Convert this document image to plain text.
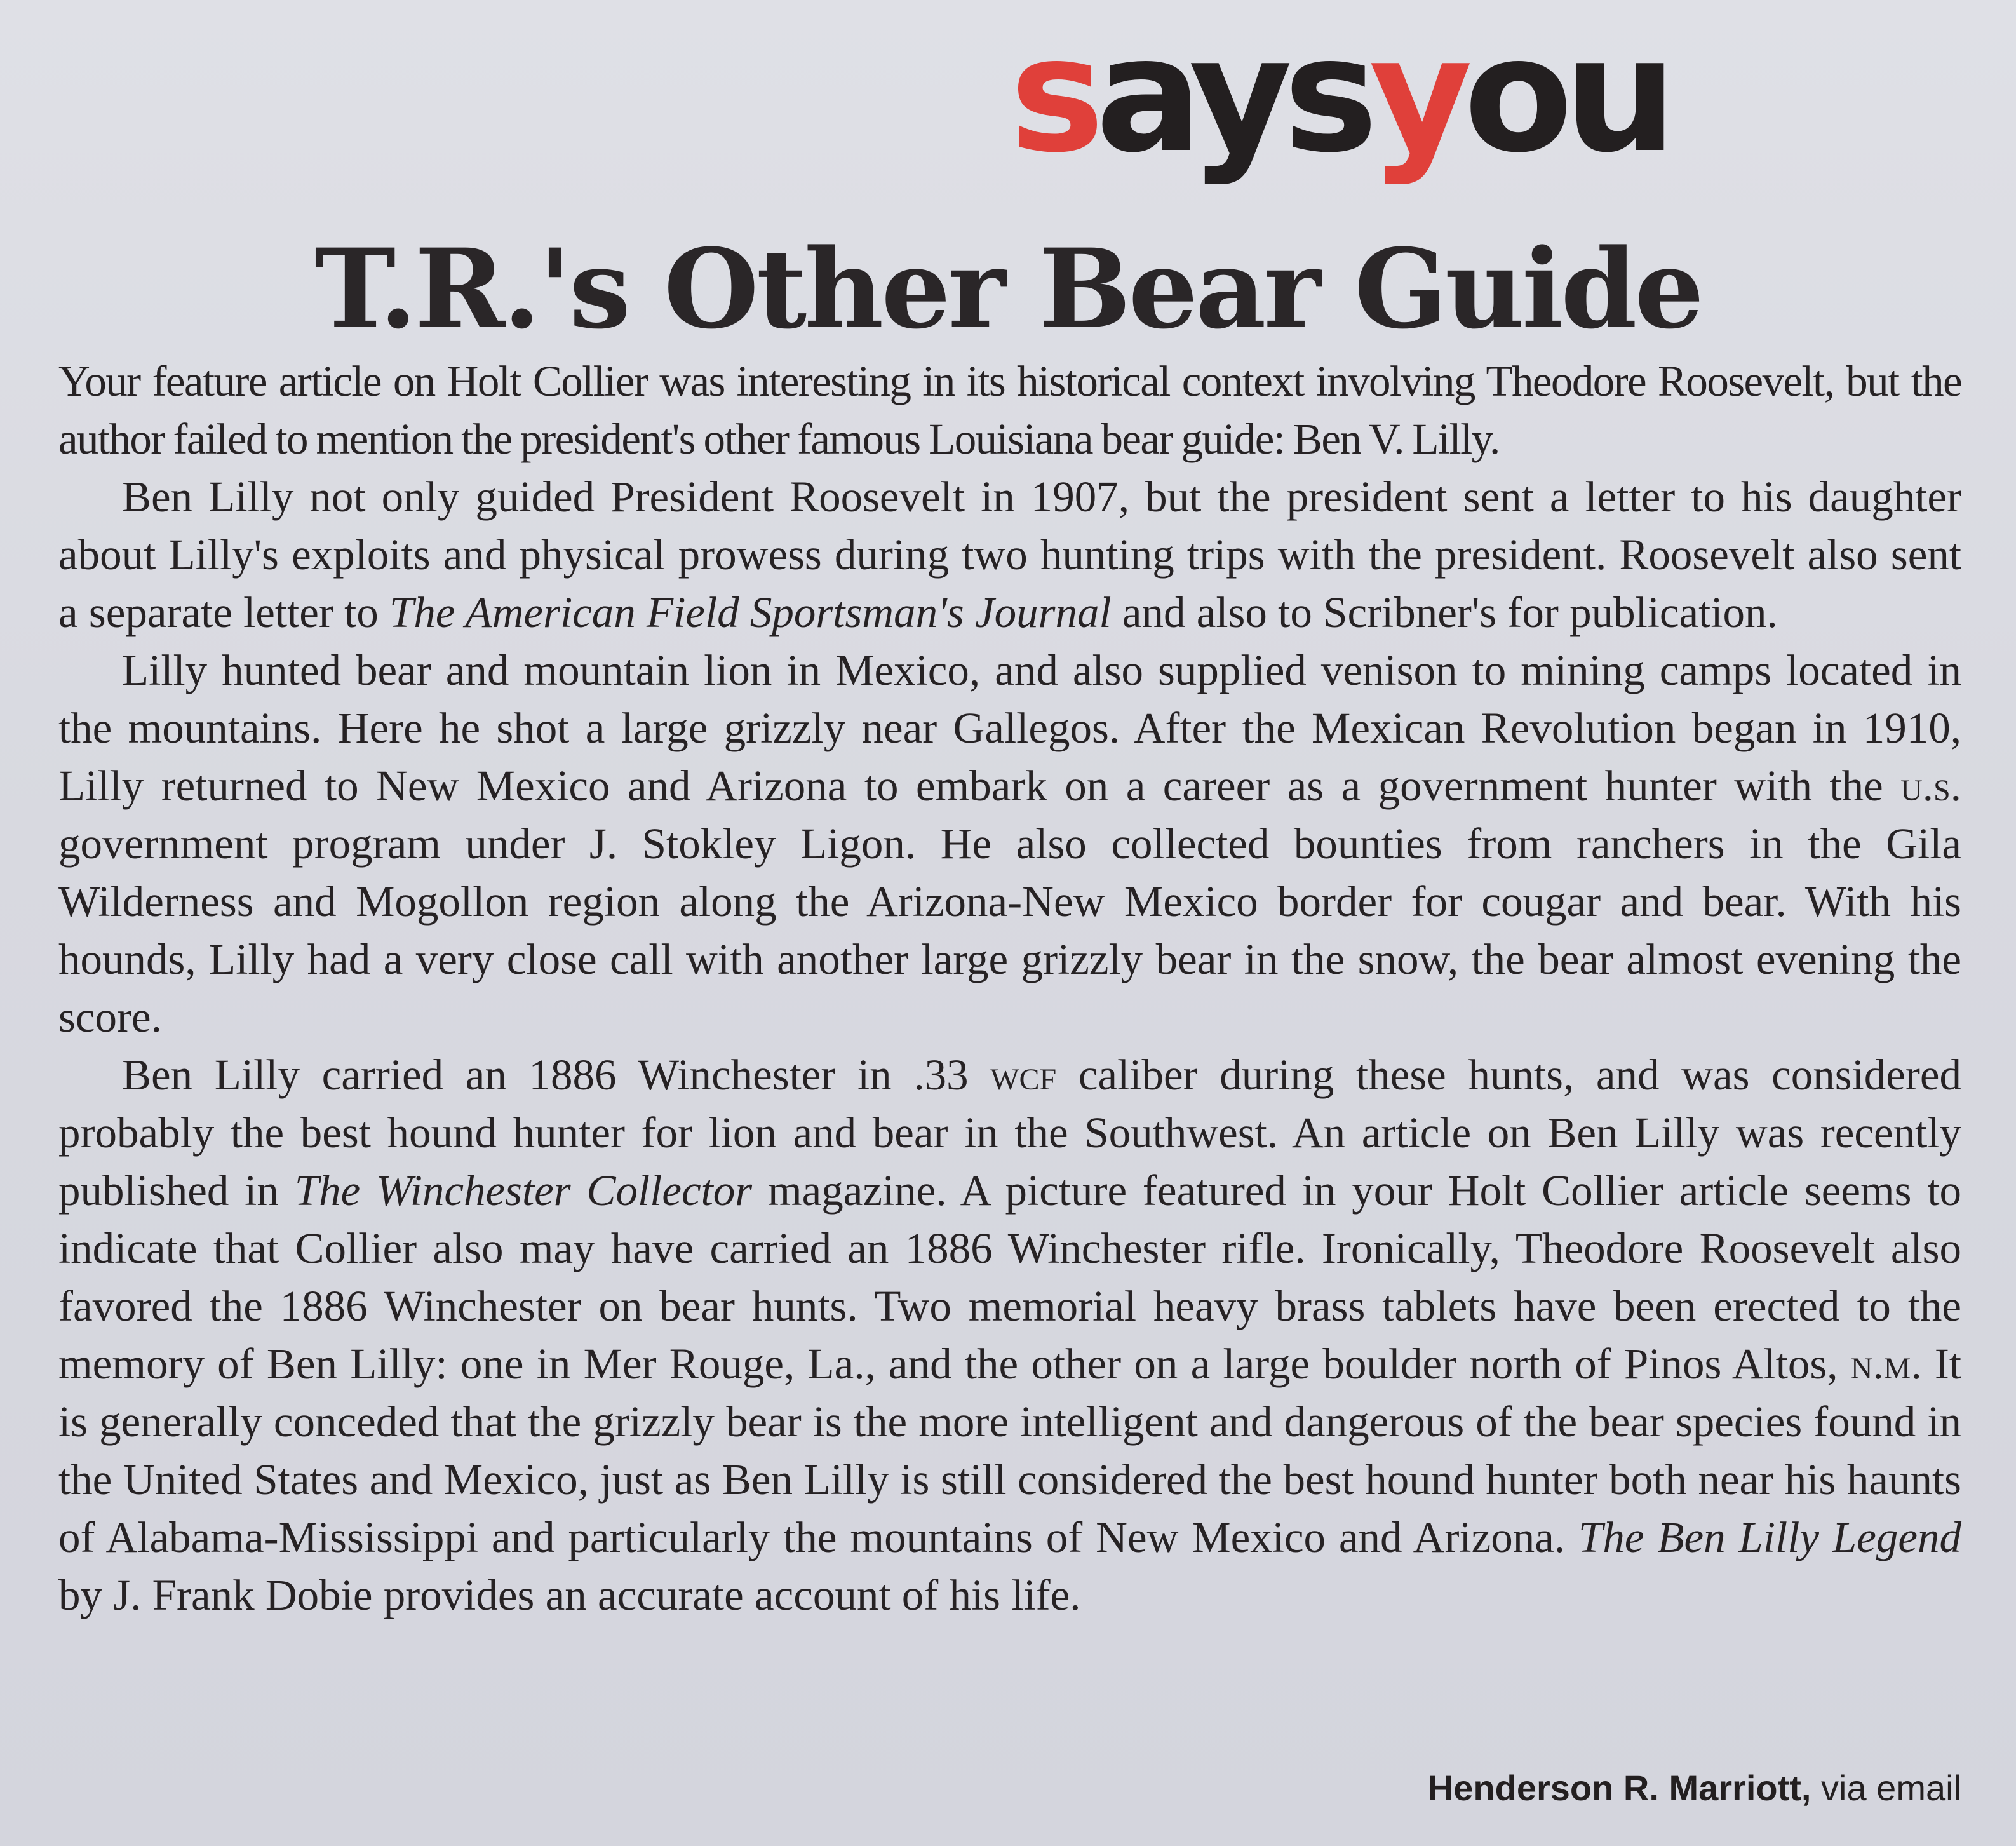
saysyou
T.R.'s Other Bear Guide

Your feature article on Holt Collier was interesting in its historical context involving Theodore Roosevelt, but the author failed to mention the president's other famous Louisiana bear guide: Ben V. Lilly.

Ben Lilly not only guided President Roosevelt in 1907, but the president sent a letter to his daughter about Lilly's exploits and physical prowess during two hunting trips with the president. Roosevelt also sent a separate letter to The American Field Sportsman's Journal and also to Scribner's for publication.

Lilly hunted bear and mountain lion in Mexico, and also supplied venison to mining camps located in the mountains. Here he shot a large grizzly near Gallegos. After the Mexican Revolution began in 1910, Lilly returned to New Mexico and Arizona to embark on a career as a government hunter with the u.s. government program under J. Stokley Ligon. He also collected bounties from ranchers in the Gila Wilderness and Mogollon region along the Arizona-New Mexico border for cougar and bear. With his hounds, Lilly had a very close call with another large grizzly bear in the snow, the bear almost evening the score.

Ben Lilly carried an 1886 Winchester in .33 wcf caliber during these hunts, and was considered probably the best hound hunter for lion and bear in the Southwest. An article on Ben Lilly was recently published in The Winchester Collector magazine. A picture featured in your Holt Collier article seems to indicate that Collier also may have carried an 1886 Winchester rifle. Ironically, Theodore Roosevelt also favored the 1886 Winchester on bear hunts. Two memorial heavy brass tablets have been erected to the memory of Ben Lilly: one in Mer Rouge, La., and the other on a large boulder north of Pinos Altos, n.m. It is generally conceded that the grizzly bear is the more intelligent and dangerous of the bear species found in the United States and Mexico, just as Ben Lilly is still considered the best hound hunter both near his haunts of Alabama-Mississippi and particularly the mountains of New Mexico and Arizona. The Ben Lilly Legend by J. Frank Dobie provides an accurate account of his life.

Henderson R. Marriott, via email
